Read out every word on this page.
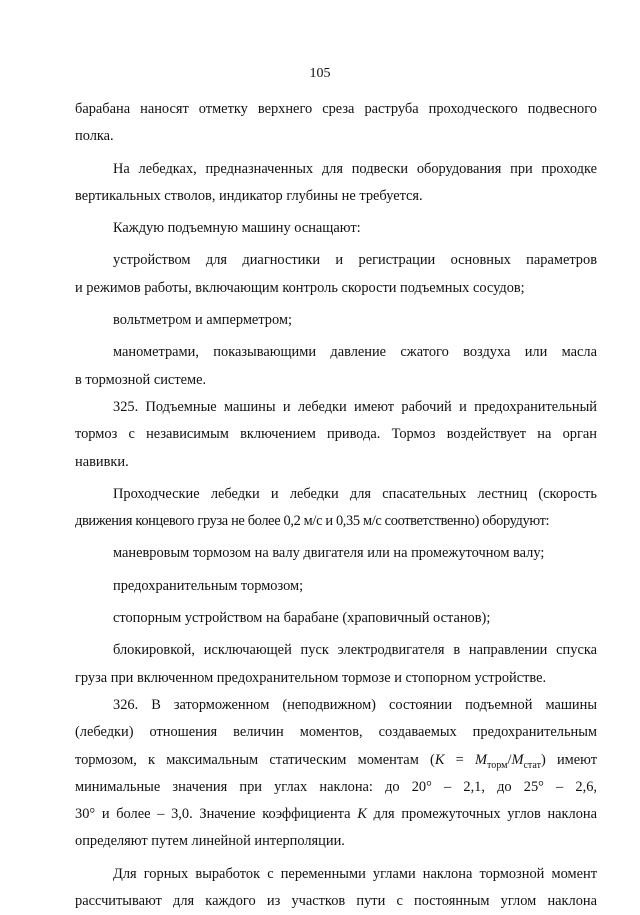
105
барабана наносят отметку верхнего среза раструба проходческого подвесного
полка.
На лебедках, предназначенных для подвески оборудования при проходке
вертикальных стволов, индикатор глубины не требуется.
Каждую подъемную машину оснащают:
устройством для диагностики и регистрации основных параметров
и режимов работы, включающим контроль скорости подъемных сосудов;
вольтметром и амперметром;
манометрами, показывающими давление сжатого воздуха или масла
в тормозной системе.
325. Подъемные машины и лебедки имеют рабочий и предохранительный
тормоз с независимым включением привода. Тормоз воздействует на орган
навивки.
Проходческие лебедки и лебедки для спасательных лестниц (скорость
движения концевого груза не более 0,2 м/с и 0,35 м/с соответственно) оборудуют:
маневровым тормозом на валу двигателя или на промежуточном валу;
предохранительным тормозом;
стопорным устройством на барабане (храповичный останов);
блокировкой, исключающей пуск электродвигателя в направлении спуска
груза при включенном предохранительном тормозе и стопорном устройстве.
326. В заторможенном (неподвижном) состоянии подъемной машины
(лебедки) отношения величин моментов, создаваемых предохранительным
тормозом, к максимальным статическим моментам $(K = M_{торм}/M_{стат})$ имеют
минимальные значения при углах наклона: до 20° – 2,1, до 25° – 2,6,
30° и более – 3,0. Значение коэффициента K для промежуточных углов наклона
определяют путем линейной интерполяции.
Для горных выработок с переменными углами наклона тормозной момент
рассчитывают для каждого из участков пути с постоянным углом наклона
